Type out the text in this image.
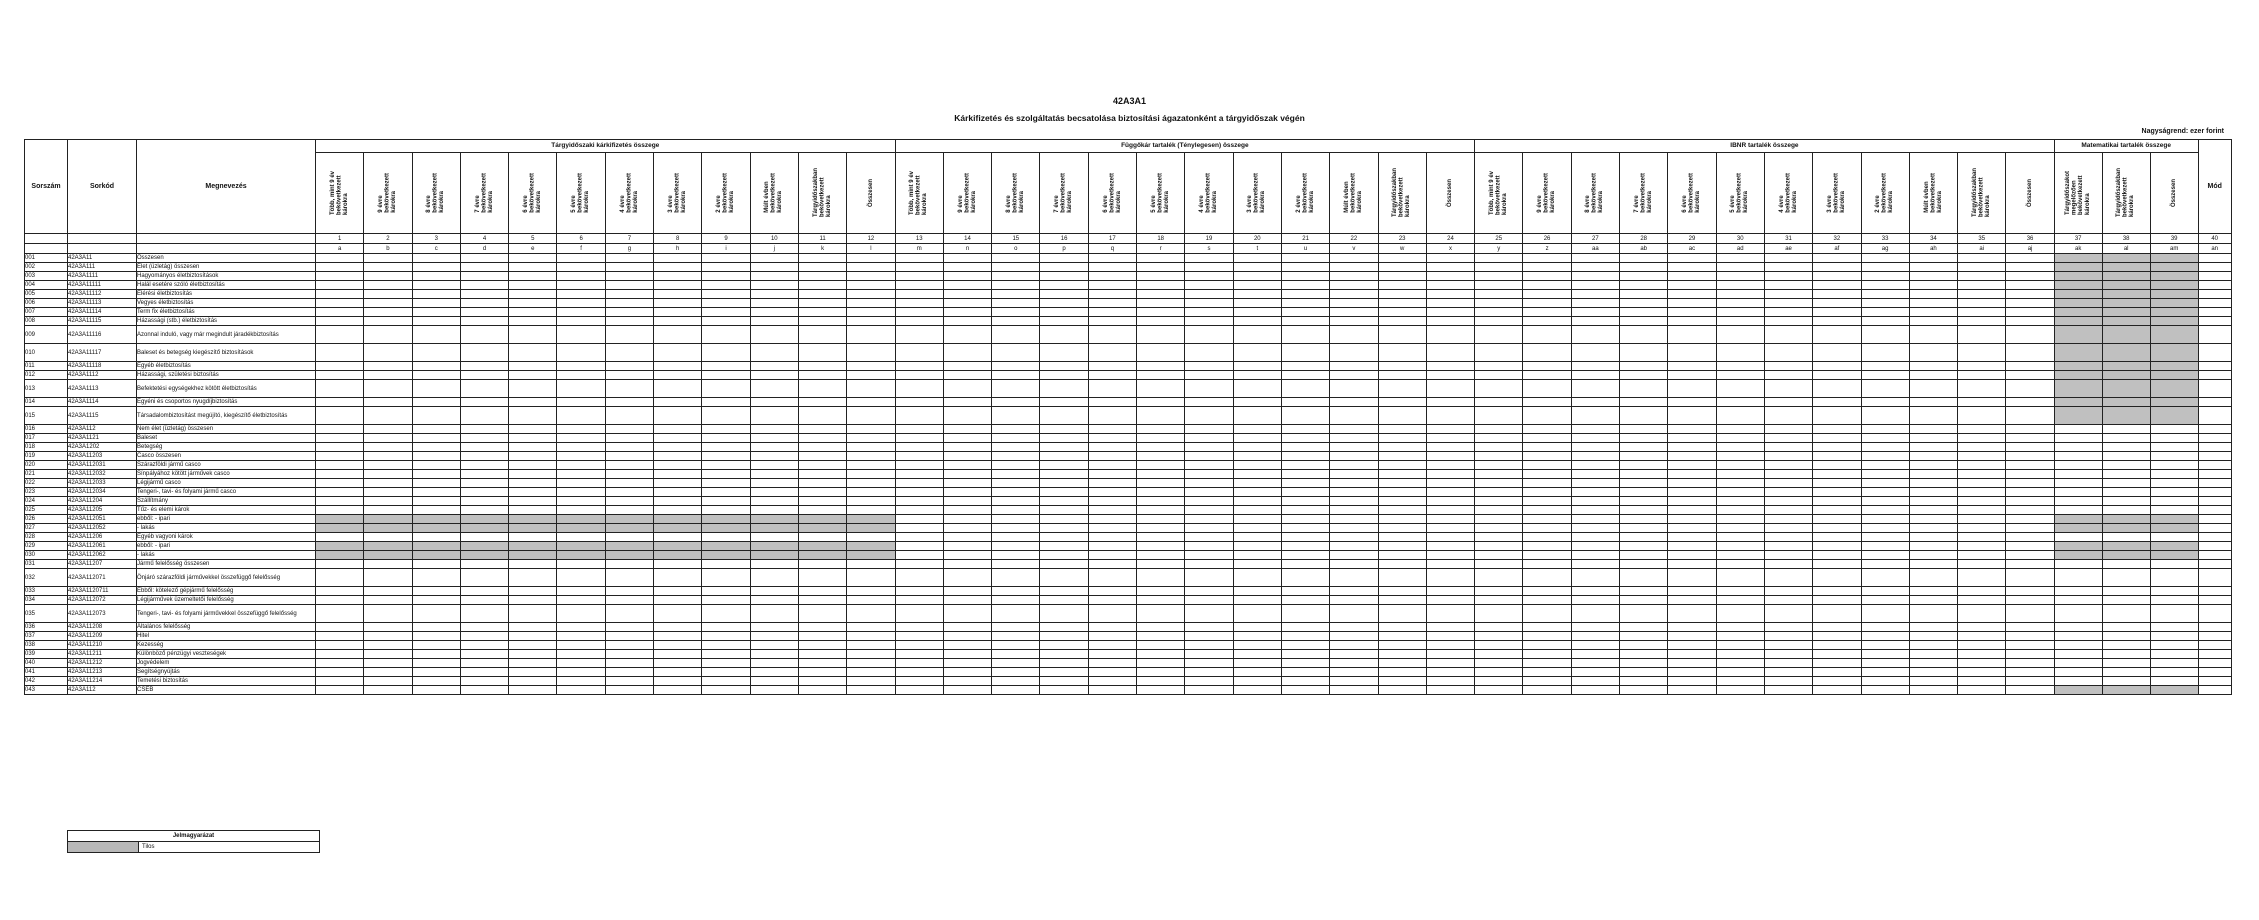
42A3A1
Kárkifizetés és szolgáltatás becsatolása biztosítási ágazatonként a tárgyidőszak végén
Nagyságrend: ezer forint
Sorszám	Sorkód	Megnevezés	Tárgyidőszaki kárkifizetés összege												Függőkár tartalék (Ténylegesen) összege												IBNR tartalék összege												Matematikai tartalék összege			Mód

			Több, mint 9 év
bekövetkezett
károkra	9 évre
bekövetkezett
károkra	8 évre
bekövetkezett
károkra	7 évre
bekövetkezett
károkra	6 évre
bekövetkezett
károkra	5 évre
bekövetkezett
károkra	4 évre
bekövetkezett
károkra	3 évre
bekövetkezett
károkra	2 évre
bekövetkezett
károkra	Múlt évben
bekövetkezett
károkra	Tárgyidőszakban
bekövetkezett
károkra	Összesen	Több, mint 9 év
bekövetkezett
károkra	9 évre
bekövetkezett
károkra	8 évre
bekövetkezett
károkra	7 évre
bekövetkezett
károkra	6 évre
bekövetkezett
károkra	5 évre
bekövetkezett
károkra	4 évre
bekövetkezett
károkra	3 évre
bekövetkezett
károkra	2 évre
bekövetkezett
károkra	Múlt évben
bekövetkezett
károkra	Tárgyidőszakban
bekövetkezett
károkra	Összesen	Több, mint 9 év
bekövetkezett
károkra	9 évre
bekövetkezett
károkra	8 évre
bekövetkezett
károkra	7 évre
bekövetkezett
károkra	6 évre
bekövetkezett
károkra	5 évre
bekövetkezett
károkra	4 évre
bekövetkezett
károkra	3 évre
bekövetkezett
károkra	2 évre
bekövetkezett
károkra	Múlt évben
bekövetkezett
károkra	Tárgyidőszakban
bekövetkezett
károkra	Összesen	Tárgyidőszakot
megelőzően
bekövetkezett
károkra	Tárgyidőszakban
bekövetkezett
károkra	Összesen	

			1	2	3	4	5	6	7	8	9	10	11	12	13	14	15	16	17	18	19	20	21	22	23	24	25	26	27	28	29	30	31	32	33	34	35	36	37	38	39	40
			a	b	c	d	e	f	g	h	i	j	k	l	m	n	o	p	q	r	s	t	u	v	w	x	y	z	aa	ab	ac	ad	ae	af	ag	ah	ai	aj	ak	al	am	an
001	42A3A11	Összesen																																								
002	42A3A111	Élet (üzletág) összesen																																								
003	42A3A1111	Hagyományos életbiztosítások																																								
004	42A3A11111	Halál esetére szóló életbiztosítás																																								
005	42A3A11112	Elérési életbiztosítás																																								
006	42A3A11113	Vegyes életbiztosítás																																								
007	42A3A11114	Term fix életbiztosítás																																								
008	42A3A11115	Házassági (stb.) életbiztosítás																																								
009	42A3A11116	Azonnal induló, vagy már megindult járadékbiztosítás																																								
010	42A3A11117	Baleset és betegség kiegészítő biztosítások																																								
011	42A3A11118	Egyéb életbiztosítás																																								
012	42A3A1112	Házassági, születési biztosítás																																								
013	42A3A1113	Befektetési egységekhez kötött életbiztosítás																																								
014	42A3A1114	Egyéni és csoportos nyugdíjbiztosítás																																								
015	42A3A1115	Társadalombiztosítást megújító, kiegészítő életbiztosítás																																								
016	42A3A112	Nem élet (üzletág) összesen																																								
017	42A3A1121	Baleset																																								
018	42A3A1202	Betegség																																								
019	42A3A11203	Casco összesen																																								
020	42A3A112031	Szárazföldi jármű casco																																								
021	42A3A112032	Sínpályához kötött járművek casco																																								
022	42A3A112033	Légijármű casco																																								
023	42A3A112034	Tengeri-, tavi- és folyami jármű casco																																								
024	42A3A11204	Szállítmány																																								
025	42A3A11205	Tűz- és elemi károk																																								
026	42A3A112051	ebből: - ipari																																								
027	42A3A112052	- lakás																																								
028	42A3A11206	Egyéb vagyoni károk																																								
029	42A3A112061	ebből: - ipari																																								
030	42A3A112062	- lakás																																								
031	42A3A11207	Jármű felelősség összesen																																								
032	42A3A112071	Önjáró szárazföldi járművekkel összefüggő felelősség																																								
033	42A3A1120711	Ebből: kötelező gépjármű felelősség																																								
034	42A3A112072	Légijárművek üzemeltetői felelősség																																								
035	42A3A112073	Tengeri-, tavi- és folyami járművekkel összefüggő felelősség																																								
036	42A3A11208	Általános felelősség																																								
037	42A3A11209	Hitel																																								
038	42A3A11210	Kezesség																																								
039	42A3A11211	Különböző pénzügyi veszteségek																																								
040	42A3A11212	Jogvédelem																																								
041	42A3A11213	Segítségnyújtás																																								
042	42A3A11214	Temetési biztosítás																																								
043	42A3A112	CSEB																																								
Jelmagyarázat
	Tilos
